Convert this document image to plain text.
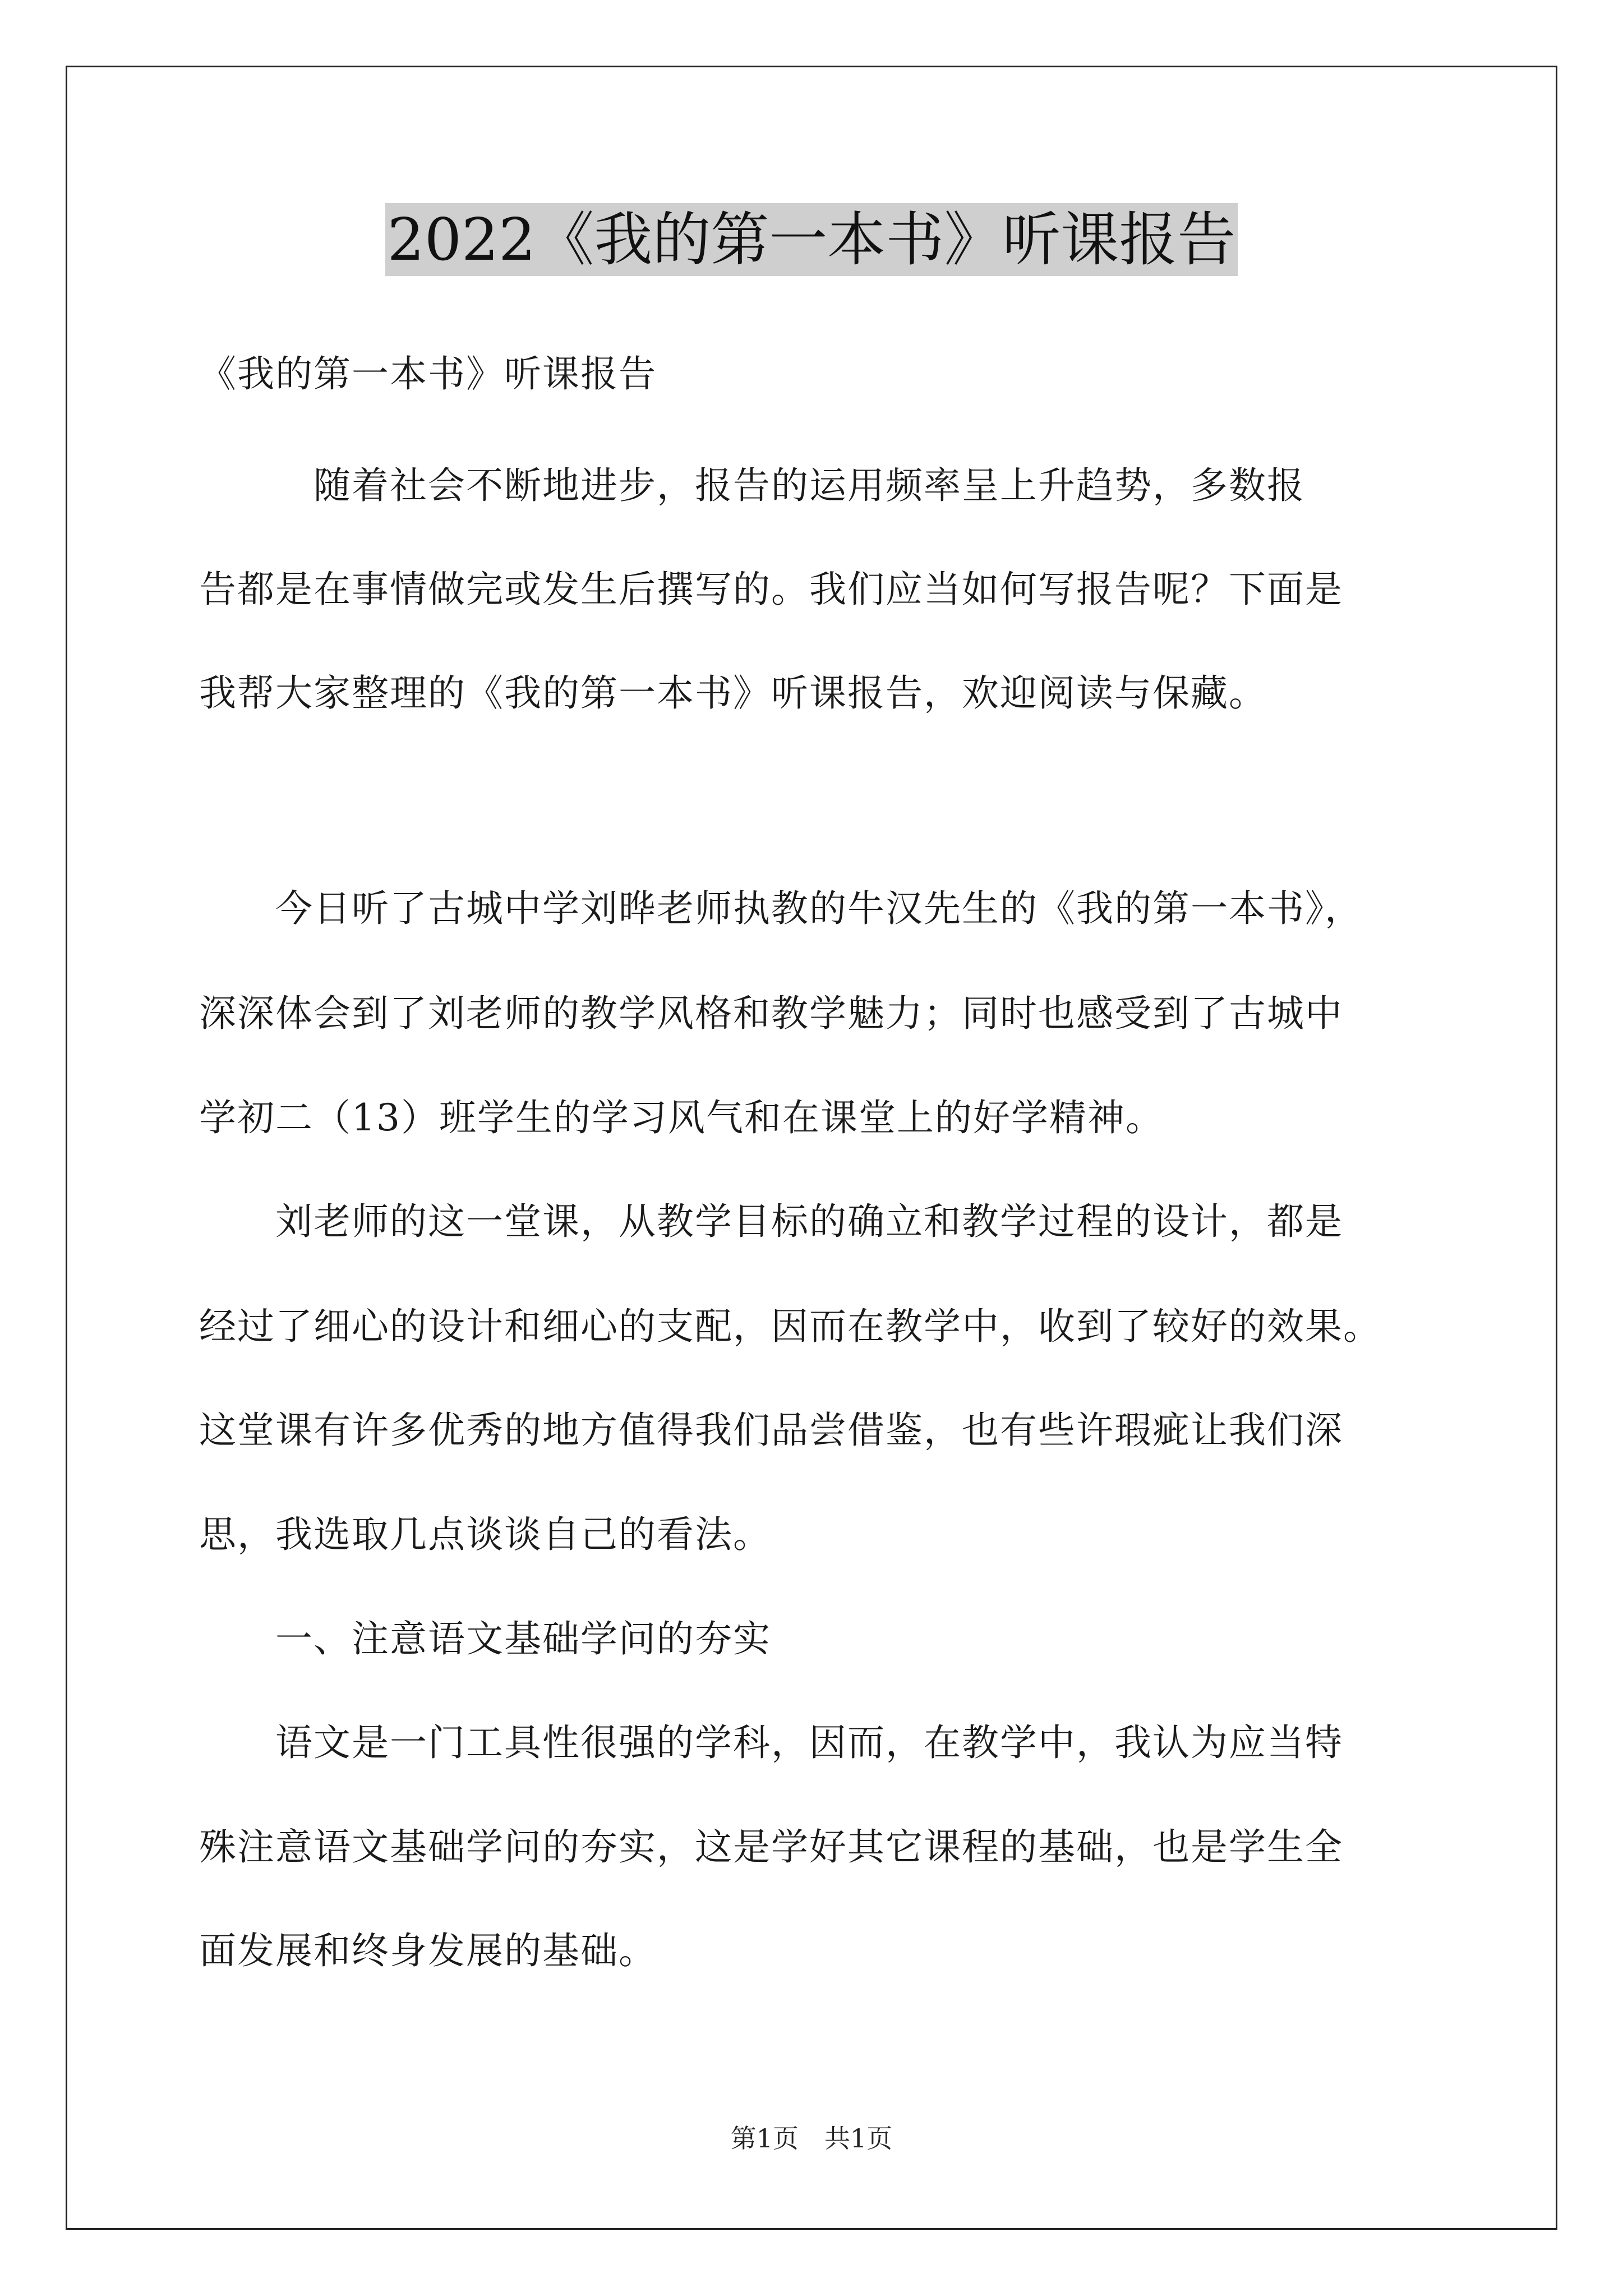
2022《我的第一本书》听课报告

《我的第一本书》听课报告

　　　随着社会不断地进步，报告的运用频率呈上升趋势，多数报

告都是在事情做完或发生后撰写的。我们应当如何写报告呢？下面是

我帮大家整理的《我的第一本书》听课报告，欢迎阅读与保藏。

　　今日听了古城中学刘晔老师执教的牛汉先生的《我的第一本书》，

深深体会到了刘老师的教学风格和教学魅力；同时也感受到了古城中

学初二（13）班学生的学习风气和在课堂上的好学精神。

　　刘老师的这一堂课，从教学目标的确立和教学过程的设计，都是

经过了细心的设计和细心的支配，因而在教学中，收到了较好的效果。

这堂课有许多优秀的地方值得我们品尝借鉴，也有些许瑕疵让我们深

思，我选取几点谈谈自己的看法。

　　一、注意语文基础学问的夯实

　　语文是一门工具性很强的学科，因而，在教学中，我认为应当特

殊注意语文基础学问的夯实，这是学好其它课程的基础，也是学生全

面发展和终身发展的基础。

第1页　共1页
